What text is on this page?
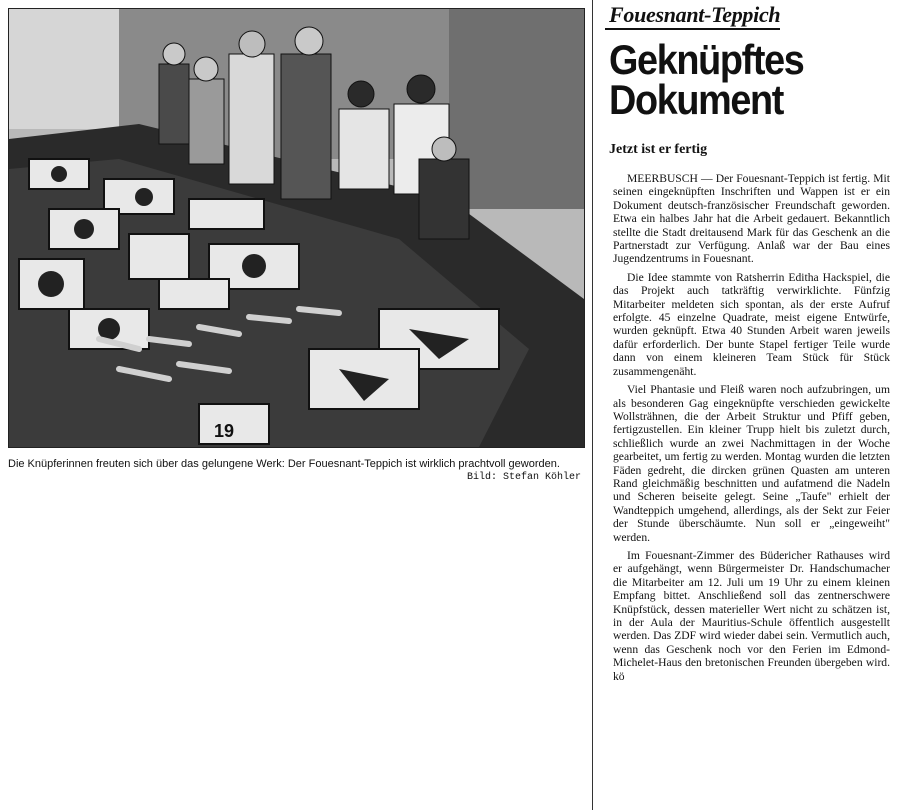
19
Die Knüpferinnen freuten sich über das gelungene Werk: Der Fouesnant-Teppich ist wirklich prachtvoll geworden.
Bild: Stefan Köhler
Fouesnant-Teppich
Geknüpftes
Dokument
Jetzt ist er fertig

MEERBUSCH — Der Fouesnant-Teppich ist fertig. Mit seinen eingeknüpften Inschriften und Wappen ist er ein Dokument deutsch-französischer Freundschaft geworden. Etwa ein halbes Jahr hat die Arbeit gedauert. Bekanntlich stellte die Stadt dreitausend Mark für das Geschenk an die Partnerstadt zur Verfügung. Anlaß war der Bau eines Jugendzentrums in Fouesnant.

Die Idee stammte von Ratsherrin Editha Hackspiel, die das Projekt auch tatkräftig verwirklichte. Fünfzig Mitarbeiter meldeten sich spontan, als der erste Aufruf erfolgte. 45 einzelne Quadrate, meist eigene Entwürfe, wurden geknüpft. Etwa 40 Stunden Arbeit waren jeweils dafür erforderlich. Der bunte Stapel fertiger Teile wurde dann von einem kleineren Team Stück für Stück zusammengenäht.

Viel Phantasie und Fleiß waren noch aufzubringen, um als besonderen Gag eingeknüpfte verschieden gewickelte Wollsträhnen, die der Arbeit Struktur und Pfiff geben, fertigzustellen. Ein kleiner Trupp hielt bis zuletzt durch, schließlich wurde an zwei Nachmittagen in der Woche gearbeitet, um fertig zu werden. Montag wurden die letzten Fäden gedreht, die dircken grünen Quasten am unteren Rand gleichmäßig beschnitten und aufatmend die Nadeln und Scheren beiseite gelegt. Seine „Taufe" erhielt der Wandteppich umgehend, allerdings, als der Sekt zur Feier der Stunde überschäumte. Nun soll er „eingeweiht" werden.

Im Fouesnant-Zimmer des Büdericher Rathauses wird er aufgehängt, wenn Bürgermeister Dr. Handschumacher die Mitarbeiter am 12. Juli um 19 Uhr zu einem kleinen Empfang bittet. Anschließend soll das zentnerschwere Knüpfstück, dessen materieller Wert nicht zu schätzen ist, in der Aula der Mauritius-Schule öffentlich ausgestellt werden. Das ZDF wird wieder dabei sein. Vermutlich auch, wenn das Geschenk noch vor den Ferien im Edmond-Michelet-Haus den bretonischen Freunden übergeben wird. kö
